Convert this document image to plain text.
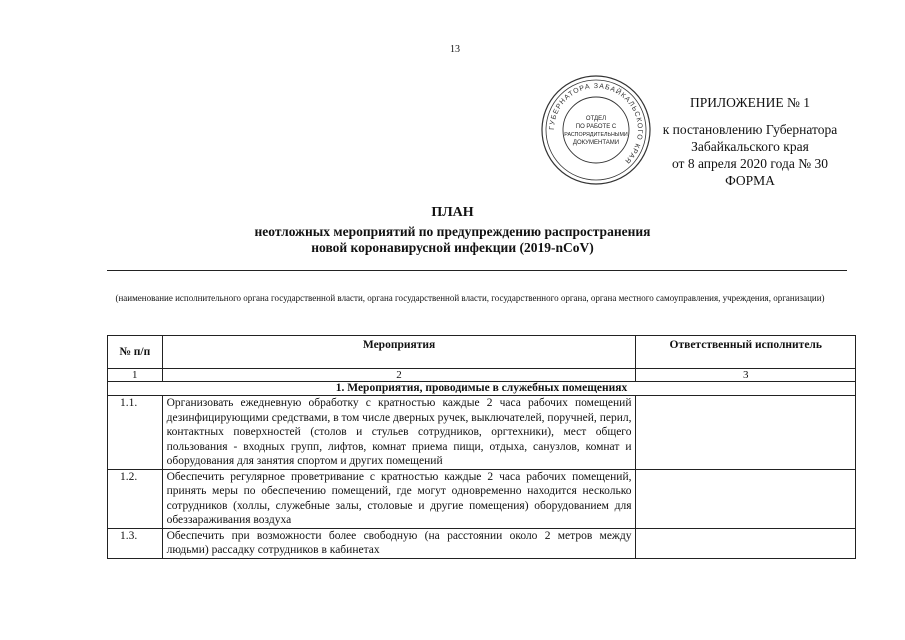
13
ГУБЕРНАТОРА ЗАБАЙКАЛЬСКОГО КРАЯ
ОТДЕЛ
ПО РАБОТЕ С
РАСПОРЯДИТЕЛЬНЫМИ
ДОКУМЕНТАМИ
ПРИЛОЖЕНИЕ № 1
к постановлению Губернатора
Забайкальского края
от 8 апреля 2020 года № 30
ФОРМА
ПЛАН
неотложных мероприятий по предупреждению распространения
новой коронавирусной инфекции (2019-nCoV)
(наименование исполнительного органа государственной власти, органа государственной власти, государственного органа, органа местного самоуправления, учреждения, организации)
№ п/п	Мероприятия	Ответственный исполнитель
1	2	3
1. Мероприятия, проводимые в служебных помещениях		
1.1.	Организовать ежедневную обработку с кратностью каждые 2 часа рабочих помещений дезинфицирующими средствами, в том числе дверных ручек, выключателей, поручней, перил, контактных поверхностей (столов и стульев сотрудников, оргтехники), мест общего пользования - входных групп, лифтов, комнат приема пищи, отдыха, санузлов, комнат и оборудования для занятия спортом и других помещений	
1.2.	Обеспечить регулярное проветривание с кратностью каждые 2 часа рабочих помещений, принять меры по обеспечению помещений, где могут одновременно находится несколько сотрудников (холлы, служебные залы, столовые и другие помещения) оборудованием для обеззараживания воздуха	
1.3.	Обеспечить при возможности более свободную (на расстоянии около 2 метров между людьми) рассадку сотрудников в кабинетах	
